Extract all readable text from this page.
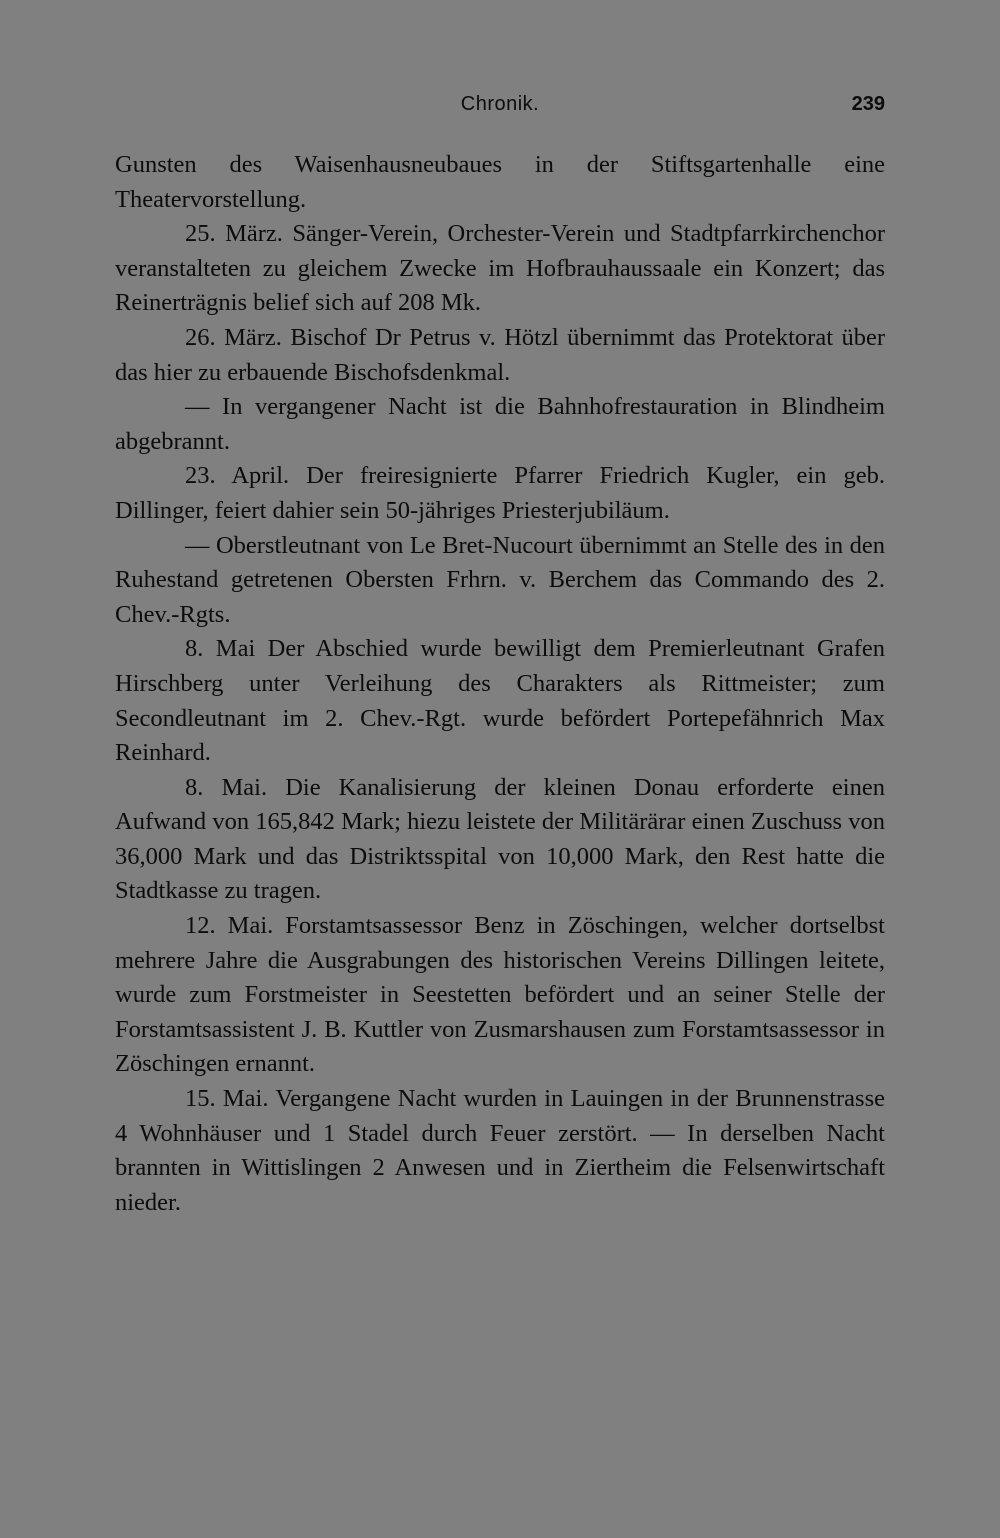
Chronik.	239

Gunsten des Waisenhausneubaues in der Stiftsgartenhalle eine Theatervorstellung.

25. März. Sänger-Verein, Orchester-Verein und Stadtpfarrkirchenchor veranstalteten zu gleichem Zwecke im Hofbrauhaussaale ein Konzert; das Reinerträgnis belief sich auf 208 Mk.

26. März. Bischof Dr Petrus v. Hötzl übernimmt das Protektorat über das hier zu erbauende Bischofsdenkmal.

— In vergangener Nacht ist die Bahnhofrestauration in Blindheim abgebrannt.

23. April. Der freiresignierte Pfarrer Friedrich Kugler, ein geb. Dillinger, feiert dahier sein 50-jähriges Priesterjubiläum.

— Oberstleutnant von Le Bret-Nucourt übernimmt an Stelle des in den Ruhestand getretenen Obersten Frhrn. v. Berchem das Commando des 2. Chev.-Rgts.

8. Mai Der Abschied wurde bewilligt dem Premierleutnant Grafen Hirschberg unter Verleihung des Charakters als Rittmeister; zum Secondleutnant im 2. Chev.-Rgt. wurde befördert Portepefähnrich Max Reinhard.

8. Mai. Die Kanalisierung der kleinen Donau erforderte einen Aufwand von 165,842 Mark; hiezu leistete der Militärärar einen Zuschuss von 36,000 Mark und das Distriktsspital von 10,000 Mark, den Rest hatte die Stadtkasse zu tragen.

12. Mai. Forstamtsassessor Benz in Zöschingen, welcher dortselbst mehrere Jahre die Ausgrabungen des historischen Vereins Dillingen leitete, wurde zum Forstmeister in Seestetten befördert und an seiner Stelle der Forstamtsassistent J. B. Kuttler von Zusmarshausen zum Forstamtsassessor in Zöschingen ernannt.

15. Mai. Vergangene Nacht wurden in Lauingen in der Brunnenstrasse 4 Wohnhäuser und 1 Stadel durch Feuer zerstört. — In derselben Nacht brannten in Wittislingen 2 Anwesen und in Ziertheim die Felsenwirtschaft nieder.
